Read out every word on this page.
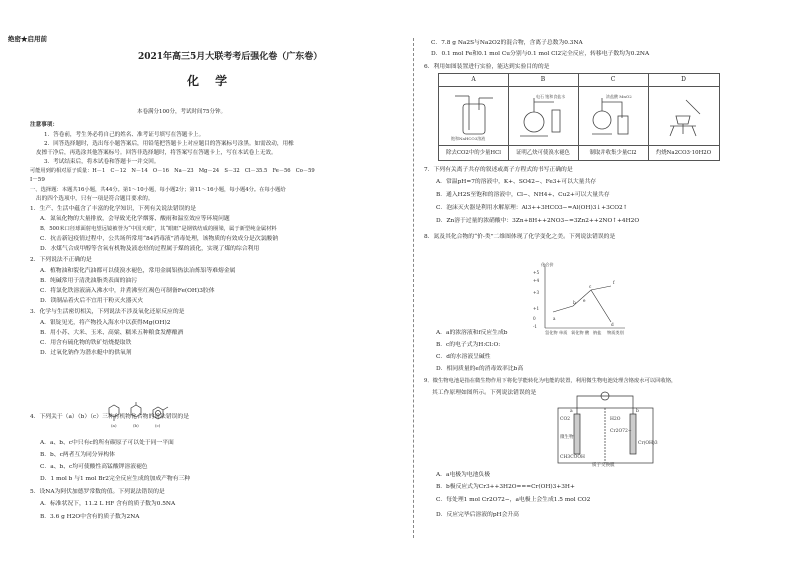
绝密★启用前
2021年高三5月大联考考后强化卷（广东卷）
化 学
本卷满分100分，考试时间75分钟。
注意事项：
1．答卷前，考生务必将自己的姓名、准考证号填写在答题卡上。
2．回答选择题时，选出每小题答案后，用铅笔把答题卡上对应题目的答案标号涂黑。如需改动，用橡
皮擦干净后，再选涂其他答案标号。回答非选择题时，将答案写在答题卡上，写在本试卷上无效。
3．考试结束后，将本试卷和答题卡一并交回。
可能用到的相对原子质量：H－1　C－12　N－14　O－16　Na－23　Mg－24　S－32　Cl－35.5　Fe－56　Co－59
I－59
一、选择题：本题共16小题，共44分。第1～10小题，每小题2分；第11～16小题，每小题4分。在每小题给
出的四个选项中，只有一项是符合题目要求的。
1．生产、生活中蕴含了丰富的化学知识，下列有关说法错误的是
A．氮氧化物的大量排放，会导致光化学烟雾、酸雨和温室效应等环境问题
B．500米口径球面射电望远镜被誉为“中国天眼”，其“眼眶”是钢铁结成的圈梁，属于新型纯金属材料
C．抗击新冠疫情过程中，公共场所常用“84消毒液”消毒处理，该物质的有效成分是次氯酸钠
D．水煤气合成甲醇等含氧有机物及液态烃的过程属于煤的液化，实现了煤的综合利用
2．下列说法不正确的是
A．植物油和裂化汽油都可以使溴水褪色，常用金属铝热法冶炼铝等难熔金属
B．纯碱常用于清洗油脂类表面的油污
C．将氯化铁溶液滴入沸水中，并煮沸至红褐色可制备Fe(OH)3胶体
D．镁制品着火后不宜用干粉灭火器灭火
3．化学与生活密切相关，下列说法不涉及氧化还原反应的是
A．银锭见光，将产物投入海水中以获得Mg(OH)2
B．用小苏、大米、玉米、高粱、糯米五种粮食发酵酿酒
C．用含有硫化物的铁矿焙烧提取铁
D．过氧化钠作为潜水艇中的供氧剂
4．下列关于（a）（b）（c）三种有机物化合物的说法错误的是
(a)	(b)	(c)
A．a、b、c中只有c的所有碳原子可以处于同一平面
B．b、c两者互为同分异构体
C．a、b、c均可使酸性高锰酸钾溶液褪色
D．1 mol b 与1 mol Br2完全反应生成的加成产物有三种
5．设NA为阿伏加德罗常数的值。下列说法错误的是
A．标准状况下，11.2 L HF 含有的质子数为0.5NA
B．3.6 g H2O中含有的质子数为2NA
C．7.8 g Na2S与Na2O2的混合物，含离子总数为0.3NA
D．0.1 mol Fe和0.1 mol Cu分别与0.1 mol Cl2完全反应，转移电子数均为0.2NA
6．利用如图装置进行实验，能达到实验目的的是
A
饱和NaHCO3溶液
除去CO2中的少量HCl
B
电石 饱和食盐水
证明乙炔可使溴水褪色
C
浓盐酸 MnO2
制取并收集少量Cl2
D
灼烧Na2CO3·10H2O
7．下列有关离子共存的叙述或离子方程式的书写正确的是
A．常温pH=7的溶液中，K+、SO42−、Fe3+可以大量共存
B．通入H2S至饱和的溶液中，Cl−、NH4+、Cu2+可以大量共存
C．泡沫灭火器是利用水解原理：Al3++3HCO3−=Al(OH)3↓+3CO2↑
D．Zn溶于过量的浓硝酸中：3Zn+8H++2NO3−=3Zn2++2NO↑+4H2O
8．氮及其化合物的“价-类”二维图体现了化学变化之美。下列说法错误的是
化合价
+5
+4
+3
+1
0
-1
氢化物 单质 氧化物 酸 钠盐 物质类别
a
b
c
d
e
f
A．a的浓溶液和f反应生成b
B．c的电子式为H:Cl:O:
C．d的水溶液呈碱性
D．相同质量的e的消毒效率比b高
9．微生物电池是指在微生物作用下将化学能转化为电能的装置，利用微生物电池处理含铬废水可以回收铬，
其工作原理如图所示。下列说法错误的是
a	b
CO2	H2O
Cr2O72−
Cr(OH)3
质子交换膜
CH3COOH
微生物
A．a电极为电池负极
B．b极反应式为Cr3++3H2O===Cr(OH)3+3H+
C．每处理1 mol Cr2O72−，a电极上会生成1.5 mol CO2
D．反应完毕后溶液的pH会升高
